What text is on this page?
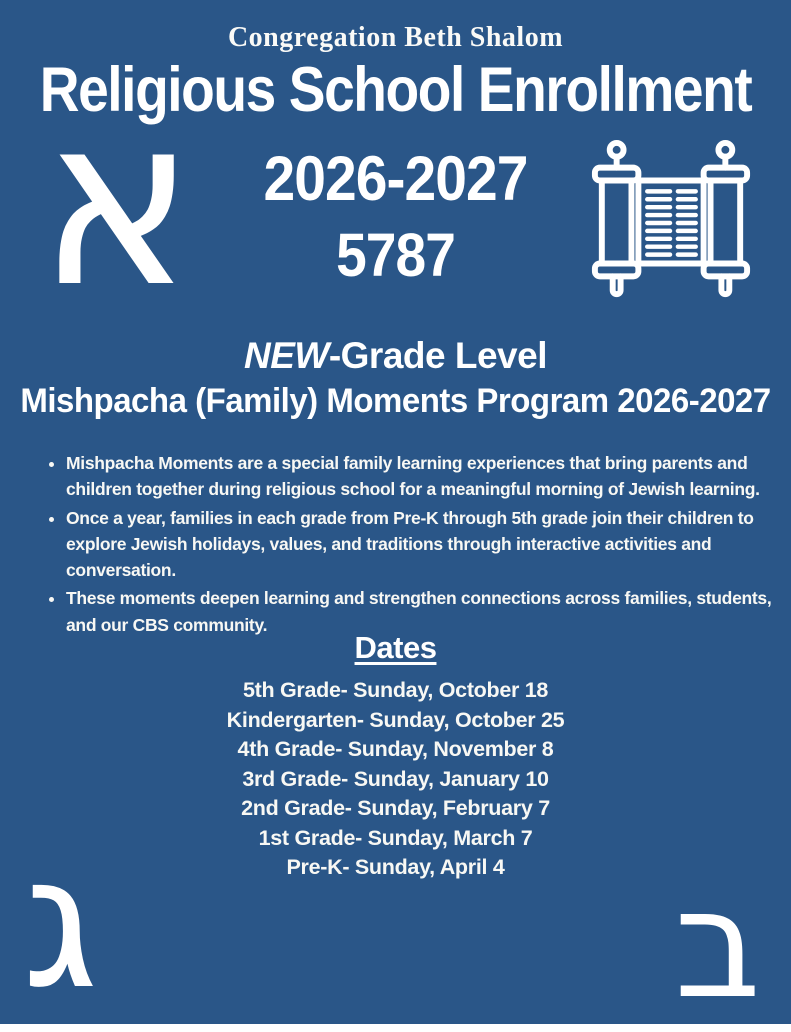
Congregation Beth Shalom
Religious School Enrollment
א	2026-2027
5787
NEW-Grade Level
Mishpacha (Family) Moments Program 2026-2027
• Mishpacha Moments are a special family learning experiences that bring parents and children together during religious school for a meaningful morning of Jewish learning.
• Once a year, families in each grade from Pre-K through 5th grade join their children to explore Jewish holidays, values, and traditions through interactive activities and conversation.
• These moments deepen learning and strengthen connections across families, students, and our CBS community.
Dates
5th Grade- Sunday, October 18
Kindergarten- Sunday, October 25
4th Grade- Sunday, November 8
3rd Grade- Sunday, January 10
2nd Grade- Sunday, February 7
1st Grade- Sunday, March 7
Pre-K- Sunday, April 4
ג	ב
